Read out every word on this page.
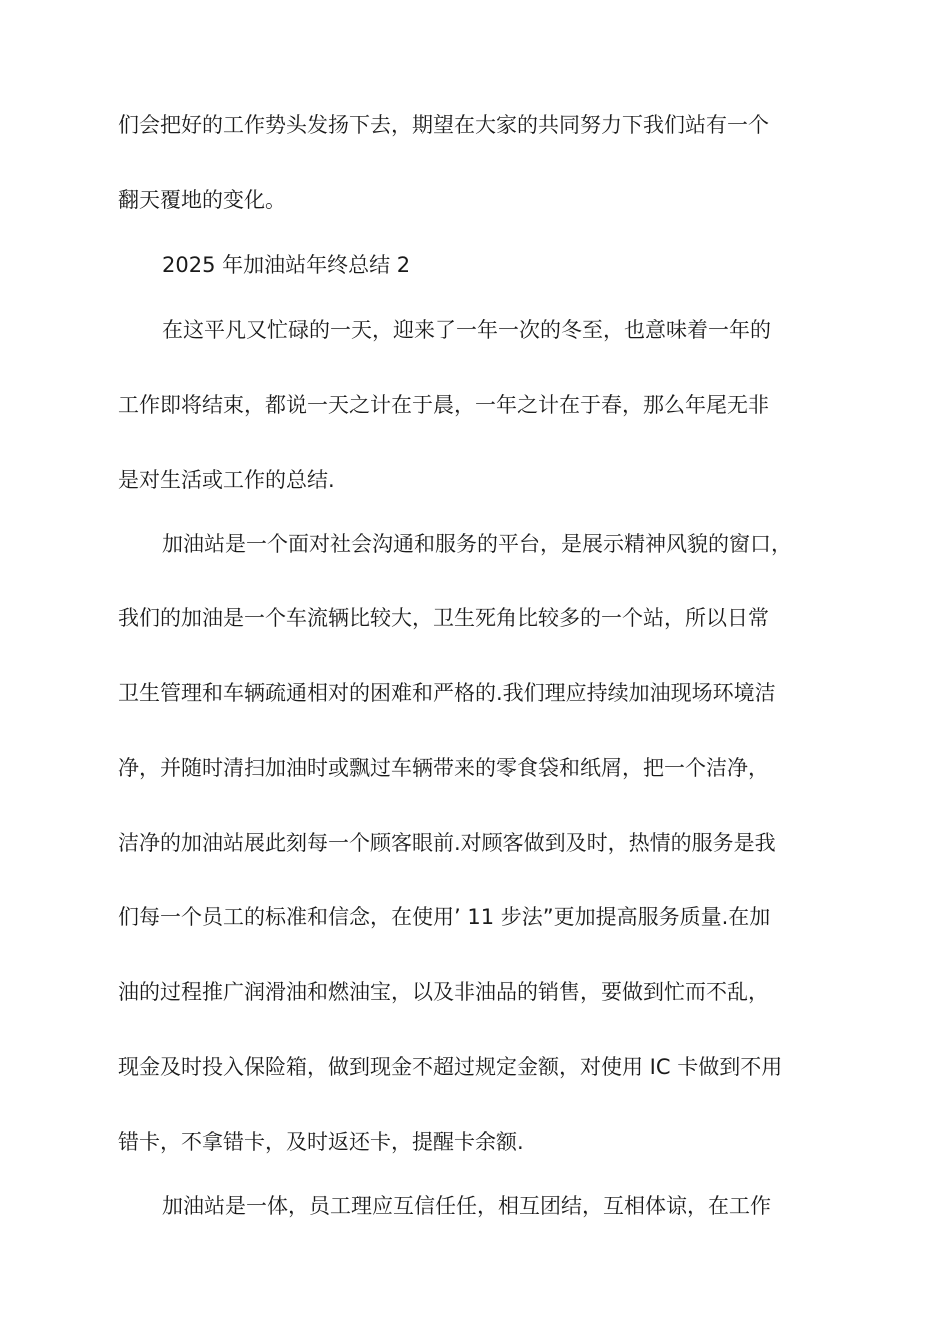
们会把好的工作势头发扬下去，期望在大家的共同努力下我们站有一个
翻天覆地的变化。
2025 年加油站年终总结 2
在这平凡又忙碌的一天，迎来了一年一次的冬至，也意味着一年的
工作即将结束，都说一天之计在于晨，一年之计在于春，那么年尾无非
是对生活或工作的总结.
加油站是一个面对社会沟通和服务的平台，是展示精神风貌的窗口，
我们的加油是一个车流辆比较大，卫生死角比较多的一个站，所以日常
卫生管理和车辆疏通相对的困难和严格的.我们理应持续加油现场环境洁
净，并随时清扫加油时或飘过车辆带来的零食袋和纸屑，把一个洁净，
洁净的加油站展此刻每一个顾客眼前.对顾客做到及时，热情的服务是我
们每一个员工的标准和信念，在使用’ 11 步法”更加提高服务质量.在加
油的过程推广润滑油和燃油宝，以及非油品的销售，要做到忙而不乱，
现金及时投入保险箱，做到现金不超过规定金额，对使用 IC 卡做到不用
错卡，不拿错卡，及时返还卡，提醒卡余额.
加油站是一体，员工理应互信任任，相互团结，互相体谅，在工作
